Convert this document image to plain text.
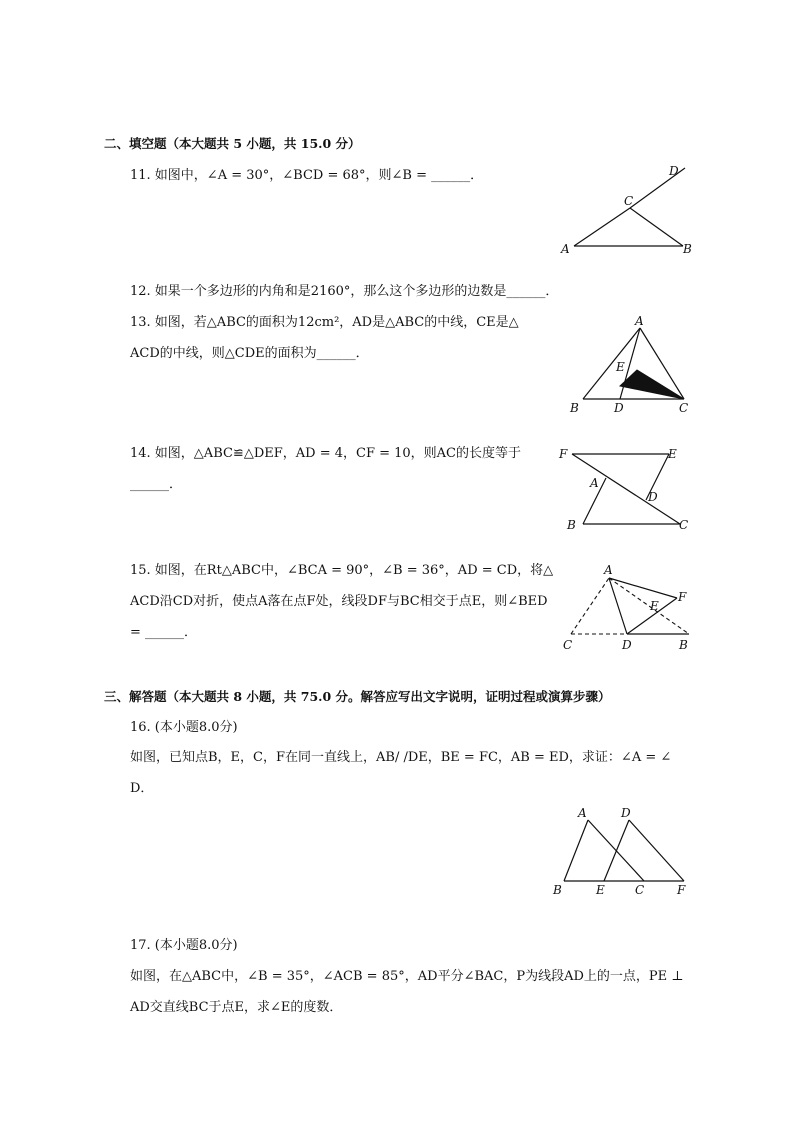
二、填空题（本大题共 5 小题，共 15.0 分）
11. 如图中，∠A = 30°，∠BCD = 68°，则∠B = ______．	D
C
A	B
12. 如果一个多边形的内角和是2160°，那么这个多边形的边数是______．
13. 如图，若△ABC的面积为12cm²，AD是△ABC的中线，CE是△
ACD的中线，则△CDE的面积为______．
A
E
B	D	C
14. 如图，△ABC≌△DEF，AD = 4，CF = 10，则AC的长度等于
______．
F	E
A
D
B	C
15. 如图，在Rt△ABC中，∠BCA = 90°，∠B = 36°，AD = CD，将△
ACD沿CD对折，使点A落在点F处，线段DF与BC相交于点E，则∠BED
= ______．
A
F
E
C	D	B
三、解答题（本大题共 8 小题，共 75.0 分。解答应写出文字说明，证明过程或演算步骤）
16. (本小题8.0分)
如图，已知点B，E，C，F在同一直线上，AB/ /DE，BE = FC，AB = ED，求证：∠A = ∠
D．
A	D
B	E	C	F
17. (本小题8.0分)
如图，在△ABC中，∠B = 35°，∠ACB = 85°，AD平分∠BAC，P为线段AD上的一点，PE ⊥
AD交直线BC于点E，求∠E的度数．
